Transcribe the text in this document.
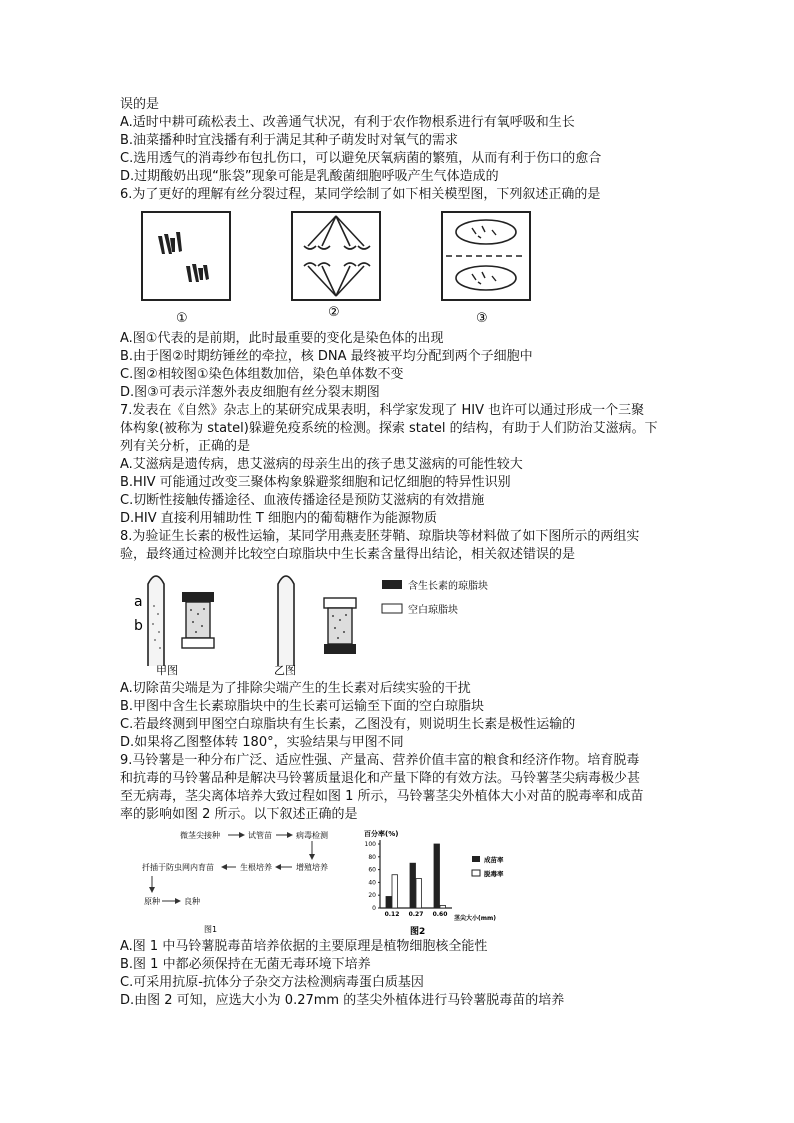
误的是
A.适时中耕可疏松表土、改善通气状况，有利于农作物根系进行有氧呼吸和生长
B.油菜播种时宜浅播有利于满足其种子萌发时对氧气的需求
C.选用透气的消毒纱布包扎伤口，可以避免厌氧病菌的繁殖，从而有利于伤口的愈合
D.过期酸奶出现“胀袋”现象可能是乳酸菌细胞呼吸产生气体造成的
6.为了更好的理解有丝分裂过程，某同学绘制了如下相关模型图，下列叙述正确的是
①	②	③
A.图①代表的是前期，此时最重要的变化是染色体的出现
B.由于图②时期纺锤丝的牵拉，核 DNA 最终被平均分配到两个子细胞中
C.图②相较图①染色体组数加倍，染色单体数不变
D.图③可表示洋葱外表皮细胞有丝分裂末期图
7.发表在《自然》杂志上的某研究成果表明，科学家发现了 HIV 也许可以通过形成一个三聚
体构象(被称为 statel)躲避免疫系统的检测。探索 statel 的结构，有助于人们防治艾滋病。下
列有关分析，正确的是
A.艾滋病是遗传病，患艾滋病的母亲生出的孩子患艾滋病的可能性较大
B.HIV 可能通过改变三聚体构象躲避浆细胞和记忆细胞的特异性识别
C.切断性接触传播途径、血液传播途径是预防艾滋病的有效措施
D.HIV 直接利用辅助性 T 细胞内的葡萄糖作为能源物质
8.为验证生长素的极性运输，某同学用燕麦胚芽鞘、琼脂块等材料做了如下图所示的两组实
验，最终通过检测并比较空白琼脂块中生长素含量得出结论，相关叙述错误的是
a
b
甲图	乙图
含生长素的琼脂块
空白琼脂块
A.切除苗尖端是为了排除尖端产生的生长素对后续实验的干扰
B.甲图中含生长素琼脂块中的生长素可运输至下面的空白琼脂块
C.若最终测到甲图空白琼脂块有生长素，乙图没有，则说明生长素是极性运输的
D.如果将乙图整体转 180°，实验结果与甲图不同
9.马铃薯是一种分布广泛、适应性强、产量高、营养价值丰富的粮食和经济作物。培育脱毒
和抗毒的马铃薯品种是解决马铃薯质量退化和产量下降的有效方法。马铃薯茎尖病毒极少甚
至无病毒，茎尖离体培养大致过程如图 1 所示，马铃薯茎尖外植体大小对苗的脱毒率和成苗
率的影响如图 2 所示。以下叙述正确的是
微茎尖接种	试管苗	病毒检测
增殖培养
生根培养
扦插于防虫网内育苗
原种	良种
图1
百分率(%)
0
20
40
60
80
100
0.12 0.27 0.60
茎尖大小(mm)
图2
成苗率
脱毒率
A.图 1 中马铃薯脱毒苗培养依据的主要原理是植物细胞核全能性
B.图 1 中都必须保持在无菌无毒环境下培养
C.可采用抗原-抗体分子杂交方法检测病毒蛋白质基因
D.由图 2 可知，应选大小为 0.27mm 的茎尖外植体进行马铃薯脱毒苗的培养
